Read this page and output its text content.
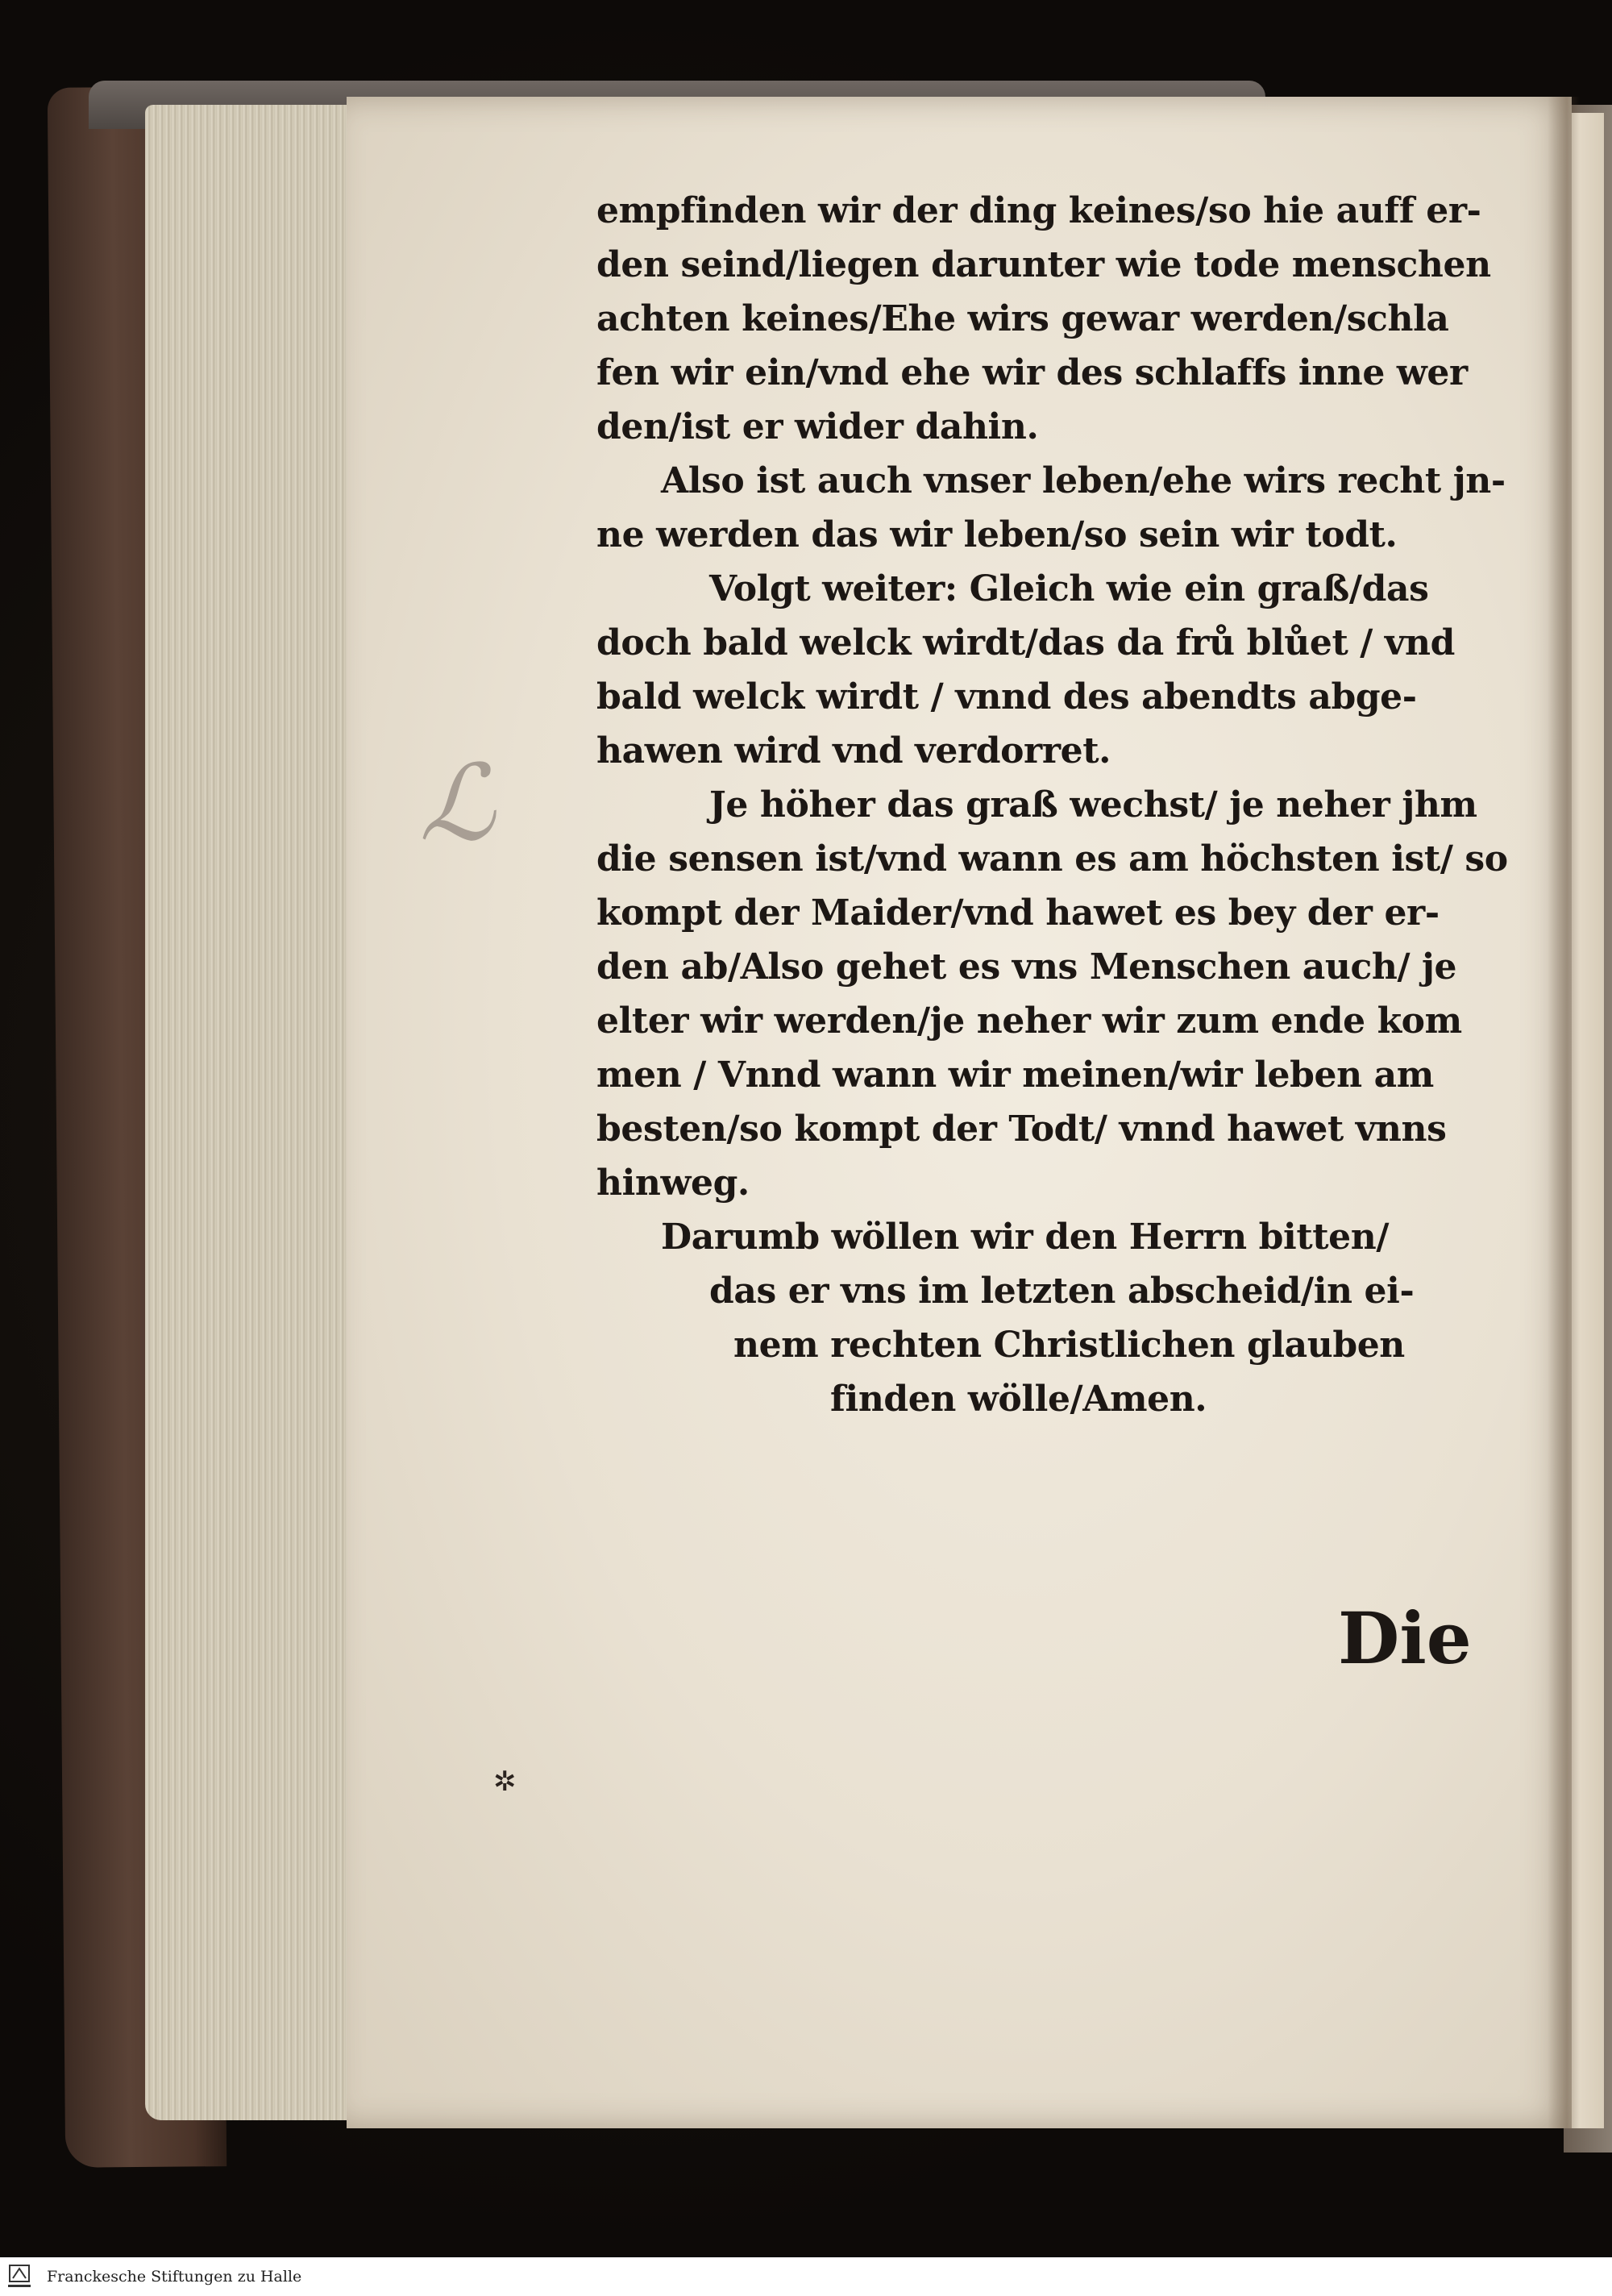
ℒ
empfinden wir der ding keines/so hie auff er-
den seind/liegen darunter wie tode menschen
achten keines/Ehe wirs gewar werden/schla
fen wir ein/vnd ehe wir des schlaffs inne wer
den/ist er wider dahin.
Also ist auch vnser leben/ehe wirs recht jn-
ne werden das wir leben/so sein wir todt.
Volgt weiter: Gleich wie ein graß/das
doch bald welck wirdt/das da frů blůet / vnd
bald welck wirdt / vnnd des abendts abge-
hawen wird vnd verdorret.
Je höher das graß wechst/ je neher jhm
die sensen ist/vnd wann es am höchsten ist/ so
kompt der Maider/vnd hawet es bey der er-
den ab/Also gehet es vns Menschen auch/ je
elter wir werden/je neher wir zum ende kom
men / Vnnd wann wir meinen/wir leben am
besten/so kompt der Todt/ vnnd hawet vnns
hinweg.
Darumb wöllen wir den Herrn bitten/
das er vns im letzten abscheid/in ei-
nem rechten Christlichen glauben
finden wölle/Amen.
Die
✲
Franckesche Stiftungen zu Halle
